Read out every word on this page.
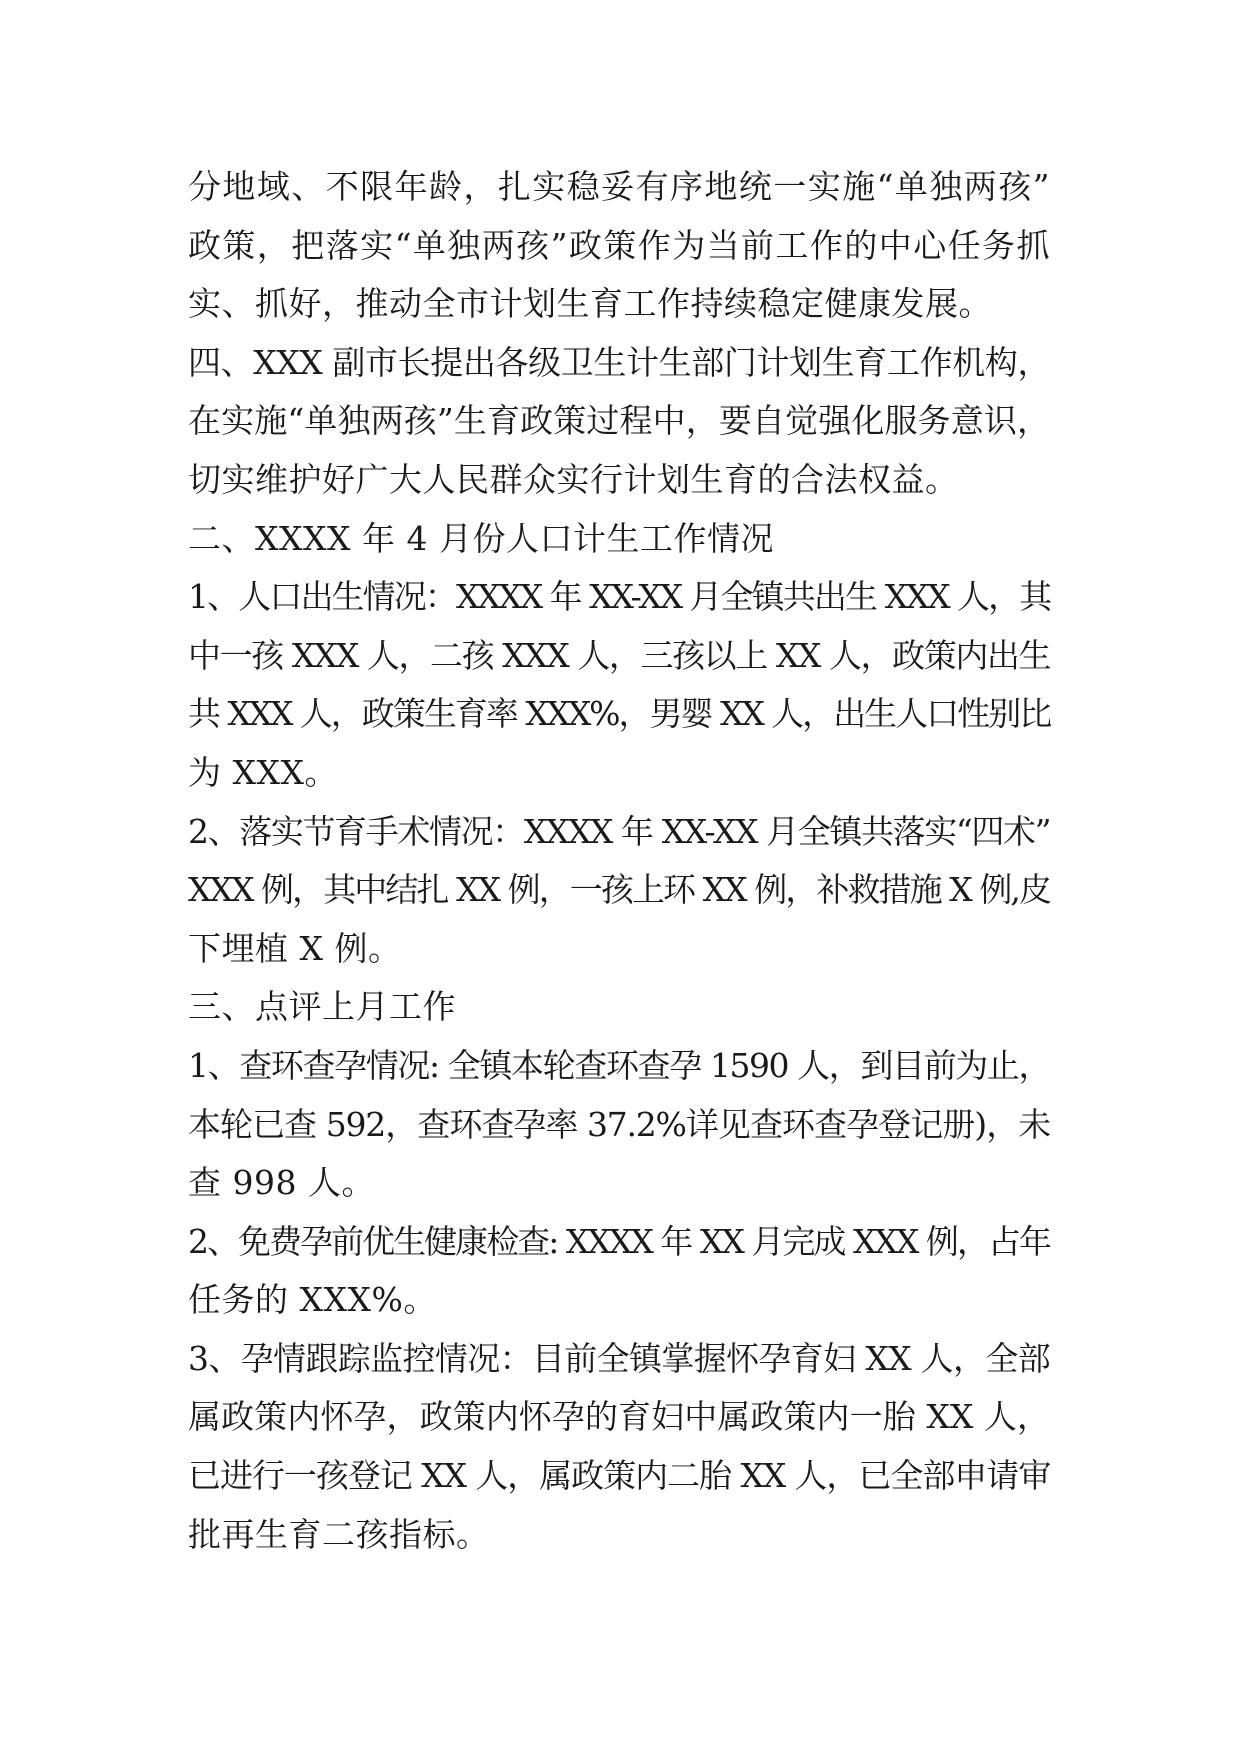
分地域、不限年龄，扎实稳妥有序地统一实施“单独两孩”
政策，把落实“单独两孩”政策作为当前工作的中心任务抓
实、抓好，推动全市计划生育工作持续稳定健康发展。
四、XXX 副市长提出各级卫生计生部门计划生育工作机构，
在实施“单独两孩”生育政策过程中，要自觉强化服务意识，
切实维护好广大人民群众实行计划生育的合法权益。
二、XXXX 年 4 月份人口计生工作情况
1、人口出生情况：XXXX 年 XX-XX 月全镇共出生 XXX 人，其
中一孩 XXX 人，二孩 XXX 人，三孩以上 XX 人，政策内出生
共 XXX 人，政策生育率 XXX%，男婴 XX 人，出生人口性别比
为 XXX。
2、落实节育手术情况：XXXX 年 XX-XX 月全镇共落实“四术”
XXX 例，其中结扎 XX 例，一孩上环 XX 例，补救措施 X 例,皮
下埋植 X 例。
三、点评上月工作
1、查环查孕情况: 全镇本轮查环查孕 1590 人，到目前为止，
本轮已查 592，查环查孕率 37.2%详见查环查孕登记册)，未
查 998 人。
2、免费孕前优生健康检查: XXXX 年 XX 月完成 XXX 例，占年
任务的 XXX%。
3、孕情跟踪监控情况：目前全镇掌握怀孕育妇 XX 人，全部
属政策内怀孕，政策内怀孕的育妇中属政策内一胎 XX 人，
已进行一孩登记 XX 人，属政策内二胎 XX 人，已全部申请审
批再生育二孩指标。
